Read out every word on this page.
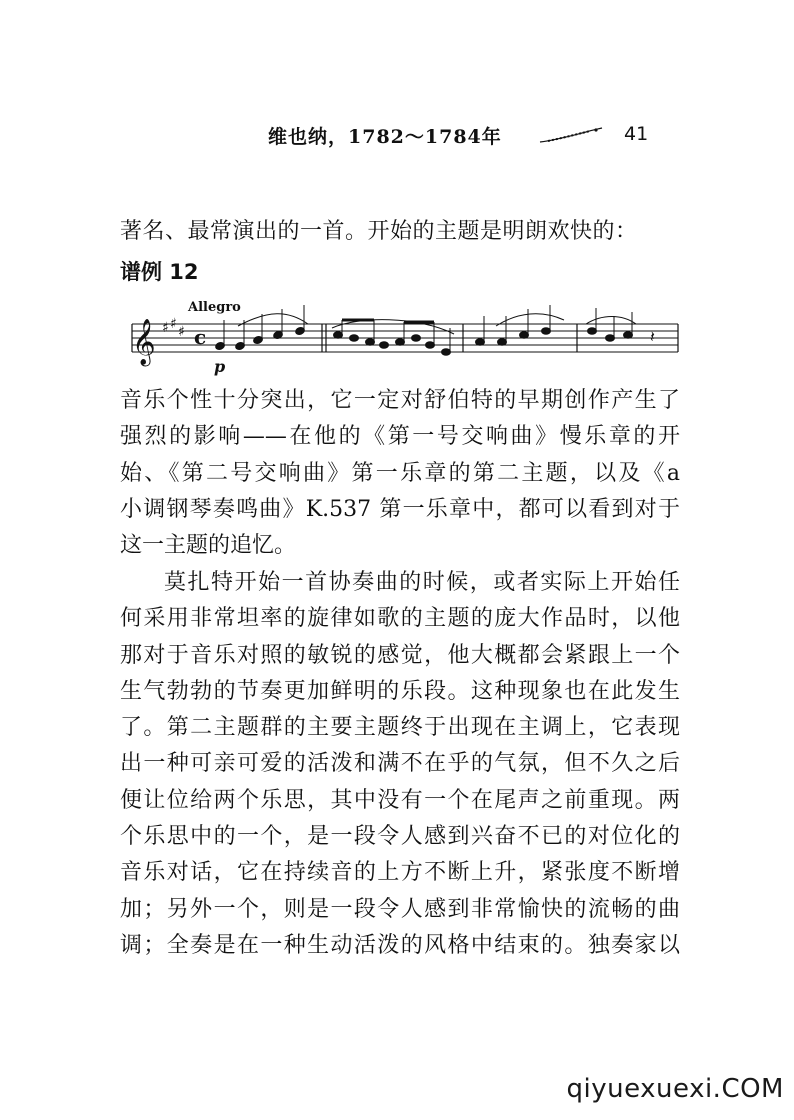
维也纳，1782～1784年	41
著名、最常演出的一首。开始的主题是明朗欢快的：
谱例 12
Allegro
𝄞 ♯ ♯ ♯ c
p
𝄽
音乐个性十分突出，它一定对舒伯特的早期创作产生了
强烈的影响——在他的《第一号交响曲》慢乐章的开
始、《第二号交响曲》第一乐章的第二主题，以及《a
小调钢琴奏鸣曲》K.537 第一乐章中，都可以看到对于
这一主题的追忆。
莫扎特开始一首协奏曲的时候，或者实际上开始任
何采用非常坦率的旋律如歌的主题的庞大作品时，以他
那对于音乐对照的敏锐的感觉，他大概都会紧跟上一个
生气勃勃的节奏更加鲜明的乐段。这种现象也在此发生
了。第二主题群的主要主题终于出现在主调上，它表现
出一种可亲可爱的活泼和满不在乎的气氛，但不久之后
便让位给两个乐思，其中没有一个在尾声之前重现。两
个乐思中的一个，是一段令人感到兴奋不已的对位化的
音乐对话，它在持续音的上方不断上升，紧张度不断增
加；另外一个，则是一段令人感到非常愉快的流畅的曲
调；全奏是在一种生动活泼的风格中结束的。独奏家以
qiyuexuexi.COM
